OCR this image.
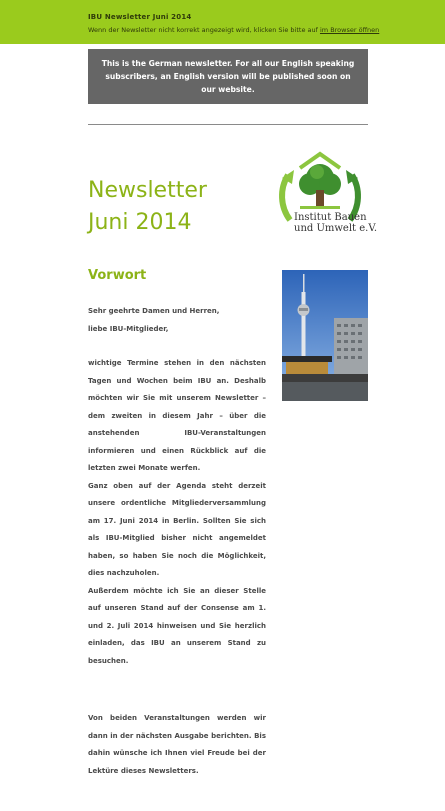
IBU Newsletter Juni 2014
Wenn der Newsletter nicht korrekt angezeigt wird, klicken Sie bitte auf im Browser öffnen
This is the German newsletter. For all our English speaking subscribers, an English version will be published soon on our website.
Newsletter
Juni 2014	Institut Bauen
und Umwelt e.V.
Vorwort

Sehr geehrte Damen und Herren,

liebe IBU-Mitglieder,

wichtige Termine stehen in den nächsten Tagen und Wochen beim IBU an. Deshalb möchten wir Sie mit unserem Newsletter – dem zweiten in diesem Jahr – über die anstehenden IBU-Veranstaltungen informieren und einen Rückblick auf die letzten zwei Monate werfen.

Ganz oben auf der Agenda steht derzeit unsere ordentliche Mitgliederversammlung am 17. Juni 2014 in Berlin. Sollten Sie sich als IBU-Mitglied bisher nicht angemeldet haben, so haben Sie noch die Möglichkeit, dies nachzuholen.

Außerdem möchte ich Sie an dieser Stelle auf unseren Stand auf der Consense am 1. und 2. Juli 2014 hinweisen und Sie herzlich einladen, das IBU an unserem Stand zu besuchen.

Von beiden Veranstaltungen werden wir dann in der nächsten Ausgabe berichten. Bis dahin wünsche ich Ihnen viel Freude bei der Lektüre dieses Newsletters.
